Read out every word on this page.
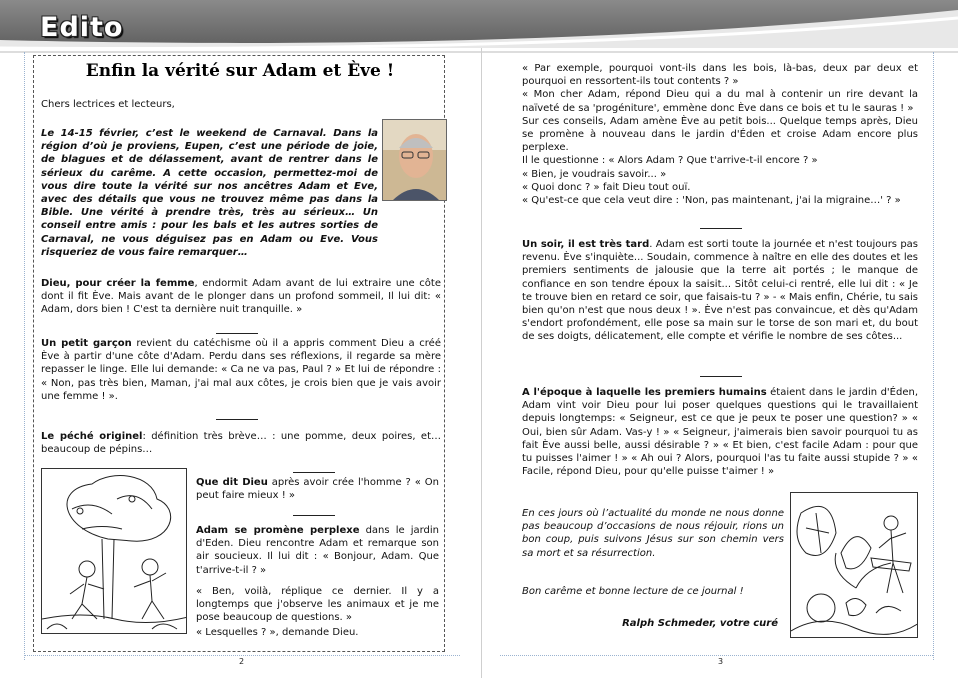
Edito
Enfin la vérité sur Adam et Ève !
Chers lectrices et lecteurs,
Le 14-15 février, c’est le weekend de Carnaval. Dans la région d’où je proviens, Eupen, c’est une période de joie, de blagues et de délassement, avant de rentrer dans le sérieux du carême. A cette occasion, permettez-moi de vous dire toute la vérité sur nos ancêtres Adam et Eve, avec des détails que vous ne trouvez même pas dans la Bible. Une vérité à prendre très, très au sérieux… Un conseil entre amis : pour les bals et les autres sorties de Carnaval, ne vous déguisez pas en Adam ou Eve. Vous risqueriez de vous faire remarquer…
Dieu, pour créer la femme, endormit Adam avant de lui extraire une côte dont il fit Ève. Mais avant de le plonger dans un profond sommeil, Il lui dit: « Adam, dors bien ! C'est ta dernière nuit tranquille. »
Un petit garçon revient du catéchisme où il a appris comment Dieu a créé Ève à partir d'une côte d'Adam. Perdu dans ses réflexions, il regarde sa mère repasser le linge. Elle lui demande: « Ca ne va pas, Paul ? » Et lui de répondre : « Non, pas très bien, Maman, j'ai mal aux côtes, je crois bien que je vais avoir une femme ! ».
Le péché originel: définition très brève… : une pomme, deux poires, et… beaucoup de pépins…
Que dit Dieu après avoir crée l'homme ? « On peut faire mieux ! »
Adam se promène perplexe dans le jardin d'Eden. Dieu rencontre Adam et remarque son air soucieux. Il lui dit : « Bonjour, Adam. Que t'arrive-t-il ? »
« Ben, voilà, réplique ce dernier. Il y a longtemps que j'observe les animaux et je me pose beaucoup de questions. »
« Lesquelles ? », demande Dieu.
2

« Par exemple, pourquoi vont-ils dans les bois, là-bas, deux par deux et pourquoi en ressortent-ils tout contents ? »

« Mon cher Adam, répond Dieu qui a du mal à contenir un rire devant la naïveté de sa 'progéniture', emmène donc Ève dans ce bois et tu le sauras ! »

Sur ces conseils, Adam amène Ève au petit bois... Quelque temps après, Dieu se promène à nouveau dans le jardin d'Éden et croise Adam encore plus perplexe.

Il le questionne : « Alors Adam ? Que t'arrive-t-il encore ? »

« Bien, je voudrais savoir... »

« Quoi donc ? » fait Dieu tout ouï.

« Qu'est-ce que cela veut dire : 'Non, pas maintenant, j'ai la migraine…' ? »

Un soir, il est très tard. Adam est sorti toute la journée et n'est toujours pas revenu. Ève s'inquiète... Soudain, commence à naître en elle des doutes et les premiers sentiments de jalousie que la terre ait portés ; le manque de confiance en son tendre époux la saisit... Sitôt celui-ci rentré, elle lui dit : « Je te trouve bien en retard ce soir, que faisais-tu ? » - « Mais enfin, Chérie, tu sais bien qu'on n'est que nous deux ! ». Ève n'est pas convaincue, et dès qu'Adam s'endort profondément, elle pose sa main sur le torse de son mari et, du bout de ses doigts, délicatement, elle compte et vérifie le nombre de ses côtes...
A l'époque à laquelle les premiers humains étaient dans le jardin d'Éden, Adam vint voir Dieu pour lui poser quelques questions qui le travaillaient depuis longtemps: « Seigneur, est ce que je peux te poser une question? » « Oui, bien sûr Adam. Vas-y ! » « Seigneur, j'aimerais bien savoir pourquoi tu as fait Ève aussi belle, aussi désirable ? » « Et bien, c'est facile Adam : pour que tu puisses l'aimer ! » « Ah oui ? Alors, pourquoi l'as tu faite aussi stupide ? » « Facile, répond Dieu, pour qu'elle puisse t'aimer ! »
En ces jours où l’actualité du monde ne nous donne pas beaucoup d’occasions de nous réjouir, rions un bon coup, puis suivons Jésus sur son chemin vers sa mort et sa résurrection.
Bon carême et bonne lecture de ce journal !
Ralph Schmeder, votre curé
3
